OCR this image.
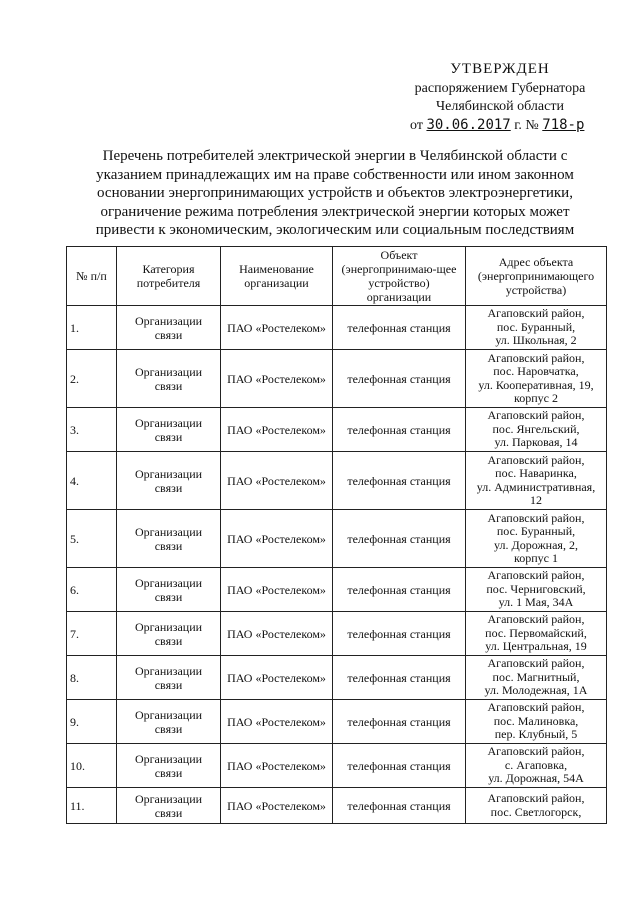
УТВЕРЖДЕН
распоряжением Губернатора
Челябинской области
от 30.06.2017 г. № 718-р
Перечень потребителей электрической энергии в Челябинской области с
указанием принадлежащих им на праве собственности или ином законном
основании энергопринимающих устройств и объектов электроэнергетики,
ограничение режима потребления электрической энергии которых может
привести к экономическим, экологическим или социальным последствиям
№ п/п	Категория потребителя	Наименование организации	Объект (энергопринимаю-щее устройство) организации	Адрес объекта (энергопринимающего устройства)
1.	Организации связи	ПАО «Ростелеком»	телефонная станция	Агаповский район,
пос. Буранный,
ул. Школьная, 2

2.	Организации связи	ПАО «Ростелеком»	телефонная станция	Агаповский район,
пос. Наровчатка,
ул. Кооперативная, 19,
корпус 2

3.	Организации связи	ПАО «Ростелеком»	телефонная станция	Агаповский район,
пос. Янгельский,
ул. Парковая, 14

4.	Организации связи	ПАО «Ростелеком»	телефонная станция	Агаповский район,
пос. Наваринка,
ул. Административная,
12

5.	Организации связи	ПАО «Ростелеком»	телефонная станция	Агаповский район,
пос. Буранный,
ул. Дорожная, 2,
корпус 1

6.	Организации связи	ПАО «Ростелеком»	телефонная станция	Агаповский район,
пос. Черниговский,
ул. 1 Мая, 34А

7.	Организации связи	ПАО «Ростелеком»	телефонная станция	Агаповский район,
пос. Первомайский,
ул. Центральная, 19

8.	Организации связи	ПАО «Ростелеком»	телефонная станция	Агаповский район,
пос. Магнитный,
ул. Молодежная, 1А

9.	Организации связи	ПАО «Ростелеком»	телефонная станция	Агаповский район,
пос. Малиновка,
пер. Клубный, 5

10.	Организации связи	ПАО «Ростелеком»	телефонная станция	Агаповский район,
с. Агаповка,
ул. Дорожная, 54А

11.	Организации связи	ПАО «Ростелеком»	телефонная станция	Агаповский район,
пос. Светлогорск,
